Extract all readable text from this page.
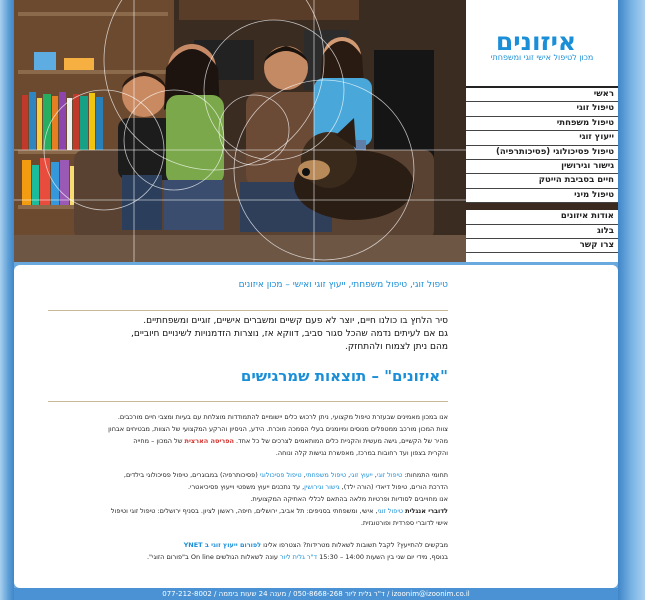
איזונים
מכון לטיפול אישי זוגי ומשפחתי
ראשי
טיפול זוגי
טיפול משפחתי
ייעוץ זוגי
טיפול פסיכולוגי (פסיכותרפיה)
גישור וגירושין
חיים בסביבת הייטק
טיפול מיני
אודות איזונים
בלוג
צרו קשר
טיפול זוגי, טיפול משפחתי, ייעוץ זוגי ואישי – מכון איזונים
סיר הלחץ בו כולנו חיים, יוצר לא פעם קשיים ומשברים אישיים, זוגיים ומשפחתיים.
גם אם לעיתים נדמה שהכל סגור סביב, דווקא אז, נוצרות הזדמנויות לשינויים חיוביים,
מהם ניתן לצמוח ולהתחזק.
"איזונים" – תוצאות שמרגישים

אנו במכון מאמינים שבעזרת טיפול מקצועי, ניתן לרכוש כלים יישומיים להתמודדות מוצלחת עם בעיות ומצבי חיים מורכבים.
צוות המכון מורכב ממטפלים מנוסים ומיומנים בעלי הסמכה מוכרת. הידע, הניסיון והרקע המקצועי של הצוות, מבטיחים אבחון
מהיר של הקשיים, גישה מעשית והקניית כלים המותאמים לצרכים של כל אחד. הפריסה הארצית של המכון – מחייה
והקרית בצפון ועד רחובות במרכז, מאפשרת נגישות קלה ונוחה.

תחומי התמחות: טיפול זוגי, ייעוץ זוגי, טיפול משפחתי, טיפול פסיכולוגי (פסיכותרפיה) במבוגרים, טיפול פסיכולוגי בילדים,
הדרכת הורים, טיפול דיאדי (הורה ילד), גישור וגירושין, עד נתכנים ייעוץ משפטי וייעוץ פסיכיאטרי.
אנו מחוייבים לסודיות ופרטיות מלאה בהתאם לכללי האתיקה המקצועית.
לדוברי אנגלית טיפול זוגי, אישי, ומשפחתי בסניפים: תל אביב, ירושלים, חיפה, ראשון לציון. בסניף ירושלים: טיפול זוגי וטיפול
אישי לדוברי ספרדית ופורטוגזית.

מבקשים להתייעץ? לקבל תשובות לשאלות מטרידות? הצטרפו אלינו לפורום ייעוץ זוגי ב YNET
בנוסף, מידי יום שני בין השעות 14:00 – 15:30 ד"ר גלית ליור עונה לשאלות הגולשים On line ב"פורום הזוגי".

izoonim@izoonim.co.il / ד"ר גלית ליור 050-8668-268 / מענה 24 שעות ביממה / 077-212-8002
